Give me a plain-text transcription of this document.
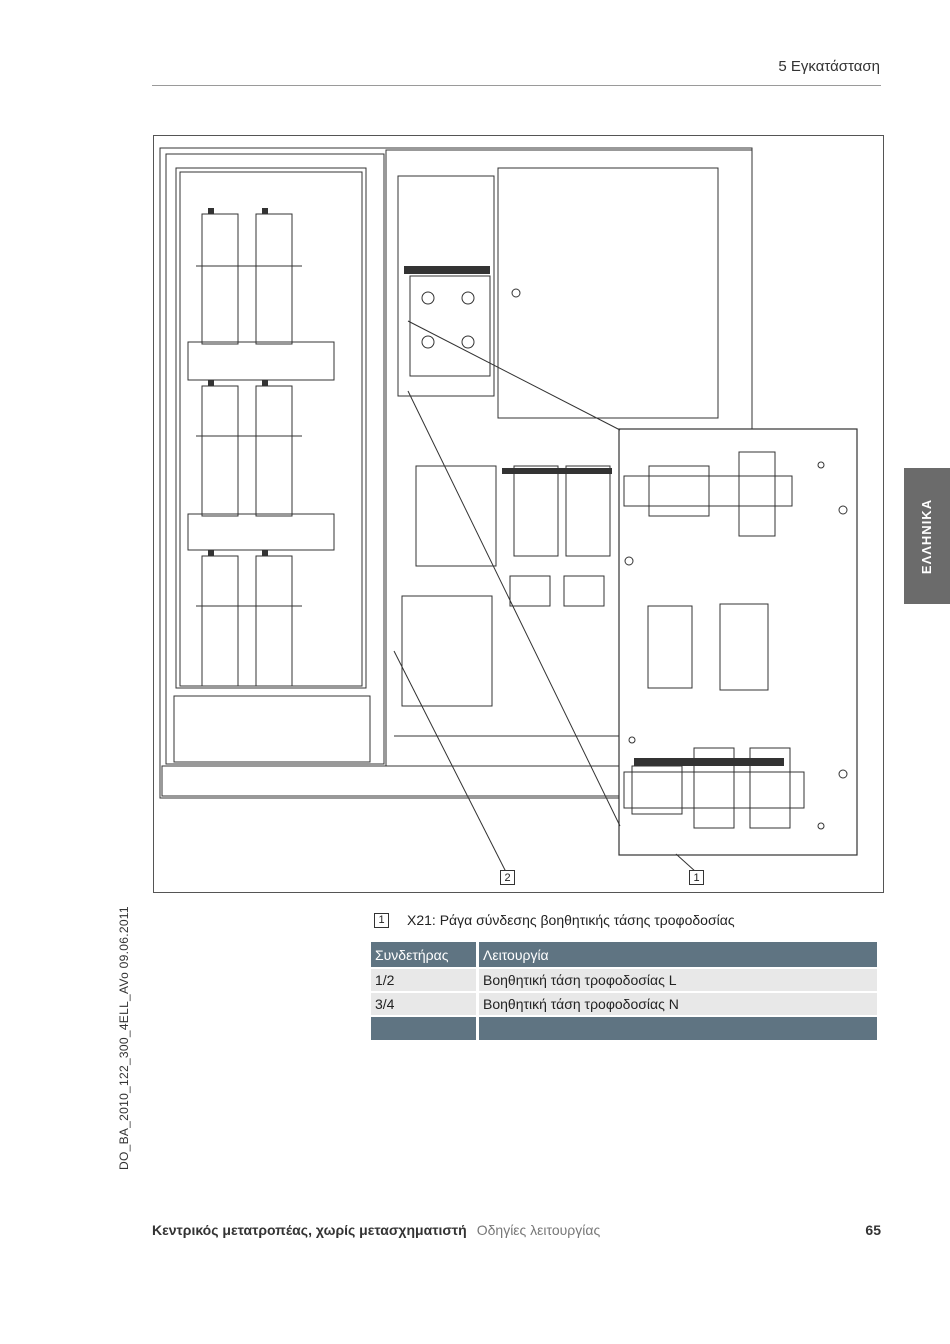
5 Εγκατάσταση
ΕΛΛΗΝΙΚΑ
DO_BA_2010_122_300_4ELL_AVo 09.06.2011
2	1
1	X21: Ράγα σύνδεσης βοηθητικής τάσης τροφοδοσίας
Συνδετήρας	Λειτουργία
1/2	Βοηθητική τάση τροφοδοσίας L
3/4	Βοηθητική τάση τροφοδοσίας N

Κεντρικός μετατροπέας, χωρίς μετασχηματιστή Οδηγίες λειτουργίας	65
